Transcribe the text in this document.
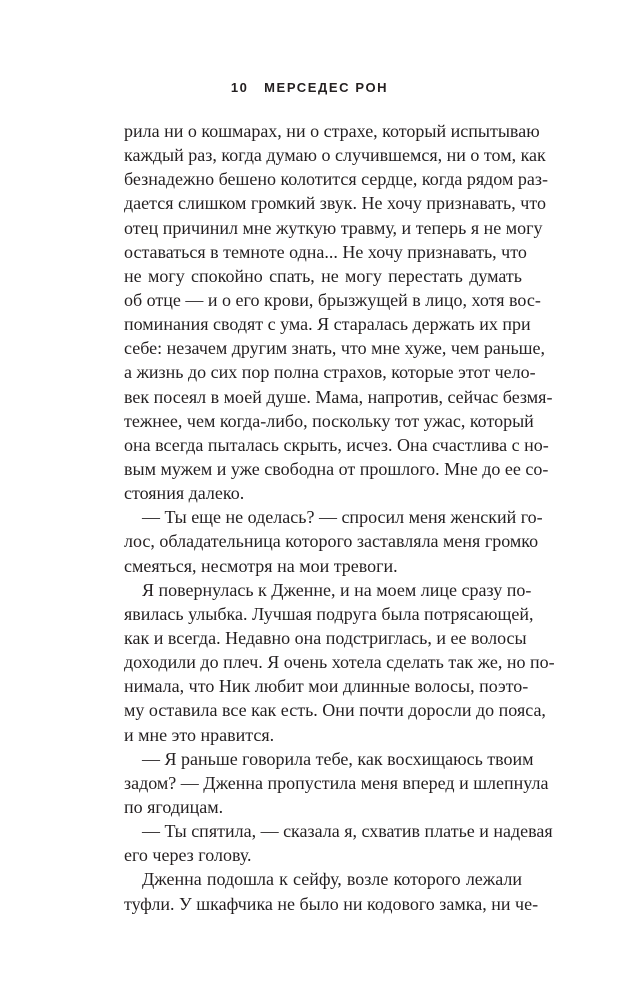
10 МЕРСЕДЕС РОН
рила ни о кошмарах, ни о страхе, который испытываю
каждый раз, когда думаю о случившемся, ни о том, как
безнадежно бешено колотится сердце, когда рядом раз-
дается слишком громкий звук. Не хочу признавать, что
отец причинил мне жуткую травму, и теперь я не могу
оставаться в темноте одна... Не хочу признавать, что
не могу спокойно спать, не могу перестать думать
об отце — и о его крови, брызжущей в лицо, хотя вос-
поминания сводят с ума. Я старалась держать их при
себе: незачем другим знать, что мне хуже, чем раньше,
а жизнь до сих пор полна страхов, которые этот чело-
век посеял в моей душе. Мама, напротив, сейчас безмя-
тежнее, чем когда-либо, поскольку тот ужас, который
она всегда пыталась скрыть, исчез. Она счастлива с но-
вым мужем и уже свободна от прошлого. Мне до ее со-
стояния далеко.
— Ты еще не оделась? — спросил меня женский го-
лос, обладательница которого заставляла меня громко
смеяться, несмотря на мои тревоги.
Я повернулась к Дженне, и на моем лице сразу по-
явилась улыбка. Лучшая подруга была потрясающей,
как и всегда. Недавно она подстриглась, и ее волосы
доходили до плеч. Я очень хотела сделать так же, но по-
нимала, что Ник любит мои длинные волосы, поэто-
му оставила все как есть. Они почти доросли до пояса,
и мне это нравится.
— Я раньше говорила тебе, как восхищаюсь твоим
задом? — Дженна пропустила меня вперед и шлепнула
по ягодицам.
— Ты спятила, — сказала я, схватив платье и надевая
его через голову.
Дженна подошла к сейфу, возле которого лежали
туфли. У шкафчика не было ни кодового замка, ни че-
